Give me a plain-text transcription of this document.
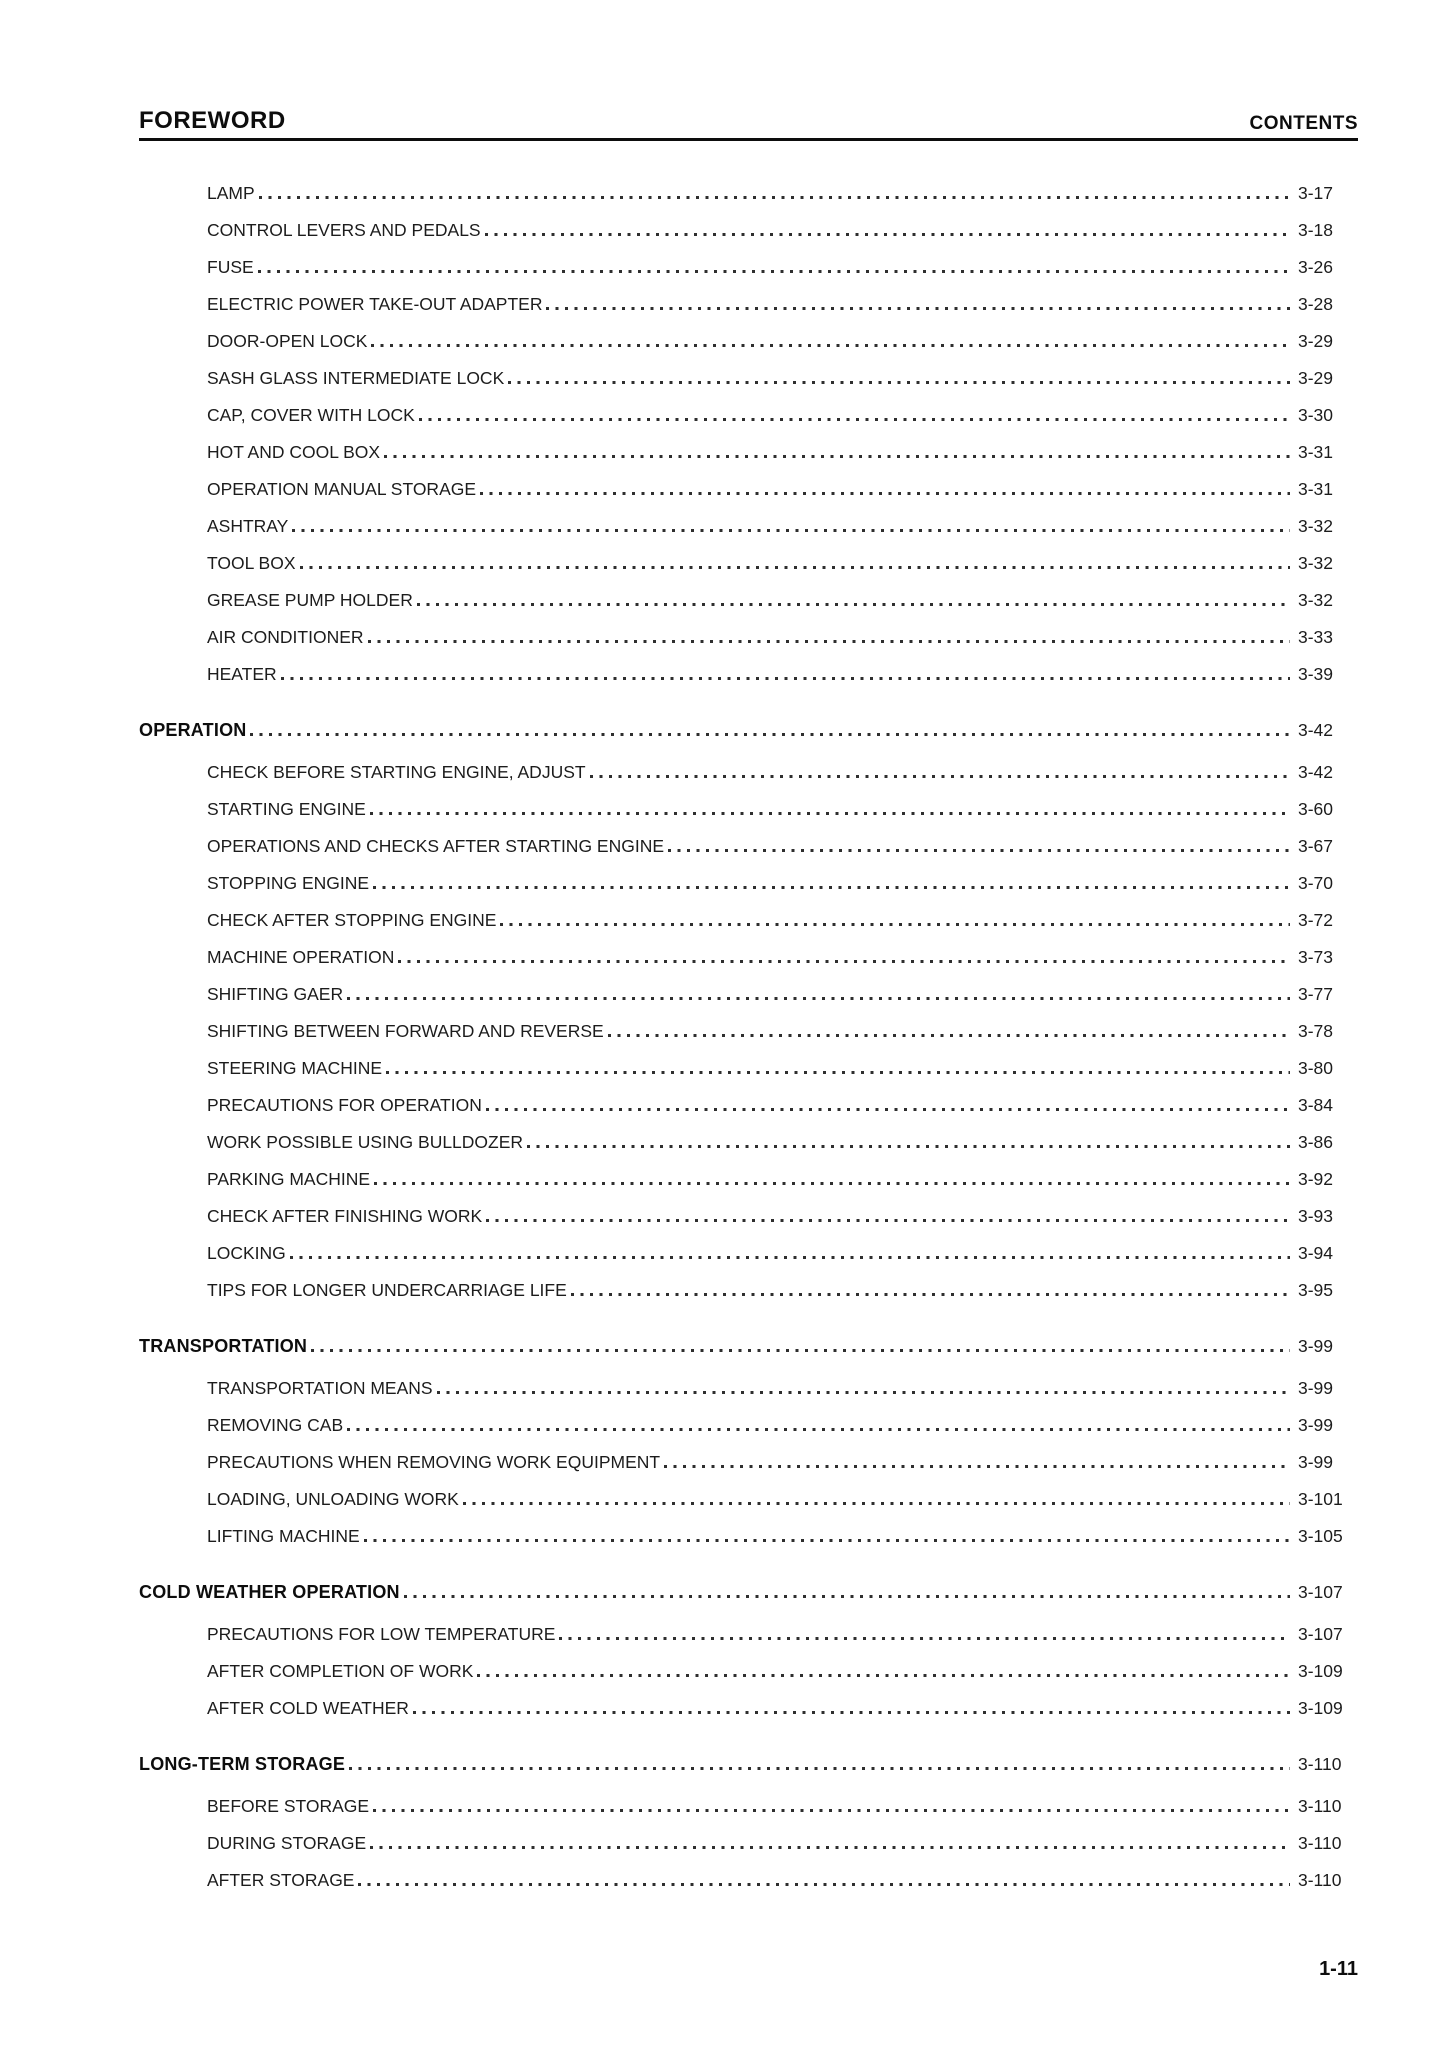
FOREWORD	CONTENTS
LAMP	3-17
CONTROL LEVERS AND PEDALS	3-18
FUSE	3-26
ELECTRIC POWER TAKE-OUT ADAPTER	3-28
DOOR-OPEN LOCK	3-29
SASH GLASS INTERMEDIATE LOCK	3-29
CAP, COVER WITH LOCK	3-30
HOT AND COOL BOX	3-31
OPERATION MANUAL STORAGE	3-31
ASHTRAY	3-32
TOOL BOX	3-32
GREASE PUMP HOLDER	3-32
AIR CONDITIONER	3-33
HEATER	3-39
OPERATION	3-42
CHECK BEFORE STARTING ENGINE, ADJUST	3-42
STARTING ENGINE	3-60
OPERATIONS AND CHECKS AFTER STARTING ENGINE	3-67
STOPPING ENGINE	3-70
CHECK AFTER STOPPING ENGINE	3-72
MACHINE OPERATION	3-73
SHIFTING GAER	3-77
SHIFTING BETWEEN FORWARD AND REVERSE	3-78
STEERING MACHINE	3-80
PRECAUTIONS FOR OPERATION	3-84
WORK POSSIBLE USING BULLDOZER	3-86
PARKING MACHINE	3-92
CHECK AFTER FINISHING WORK	3-93
LOCKING	3-94
TIPS FOR LONGER UNDERCARRIAGE LIFE	3-95
TRANSPORTATION	3-99
TRANSPORTATION MEANS	3-99
REMOVING CAB	3-99
PRECAUTIONS WHEN REMOVING WORK EQUIPMENT	3-99
LOADING, UNLOADING WORK	3-101
LIFTING MACHINE	3-105
COLD WEATHER OPERATION	3-107
PRECAUTIONS FOR LOW TEMPERATURE	3-107
AFTER COMPLETION OF WORK	3-109
AFTER COLD WEATHER	3-109
LONG-TERM STORAGE	3-110
BEFORE STORAGE	3-110
DURING STORAGE	3-110
AFTER STORAGE	3-110
1-11
